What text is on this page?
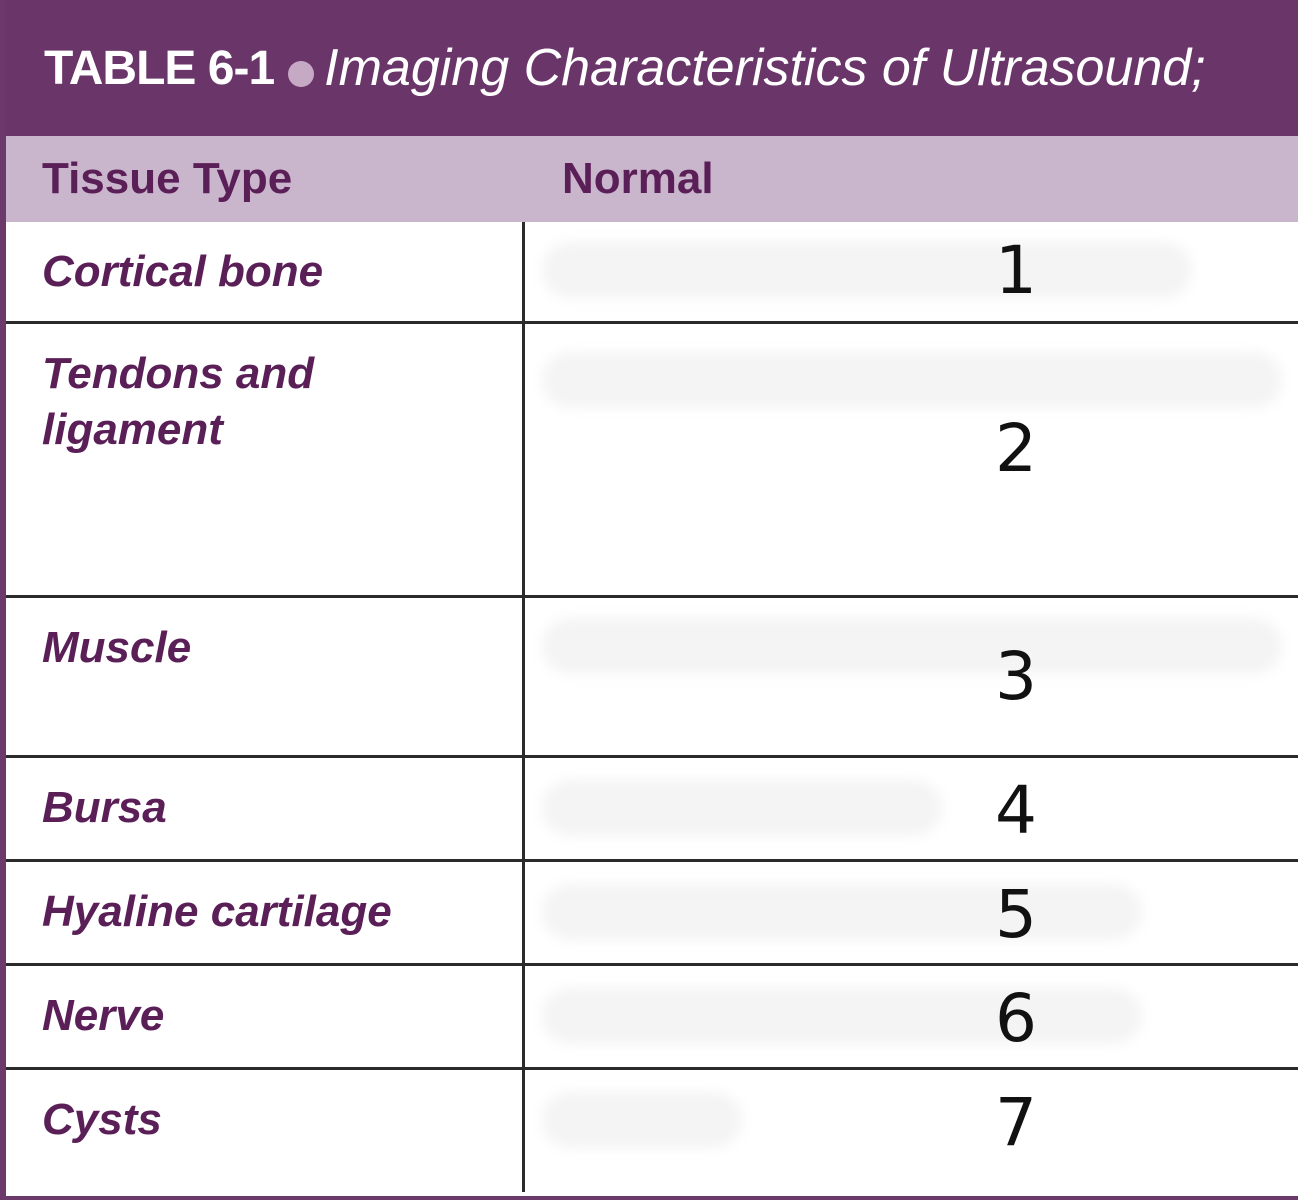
TABLE 6-1 Imaging Characteristics of Ultrasound;
Tissue Type	Normal
Cortical bone	1
Tendons and ligament	2
Muscle	3
Bursa	4
Hyaline cartilage	5
Nerve	6
Cysts	7
